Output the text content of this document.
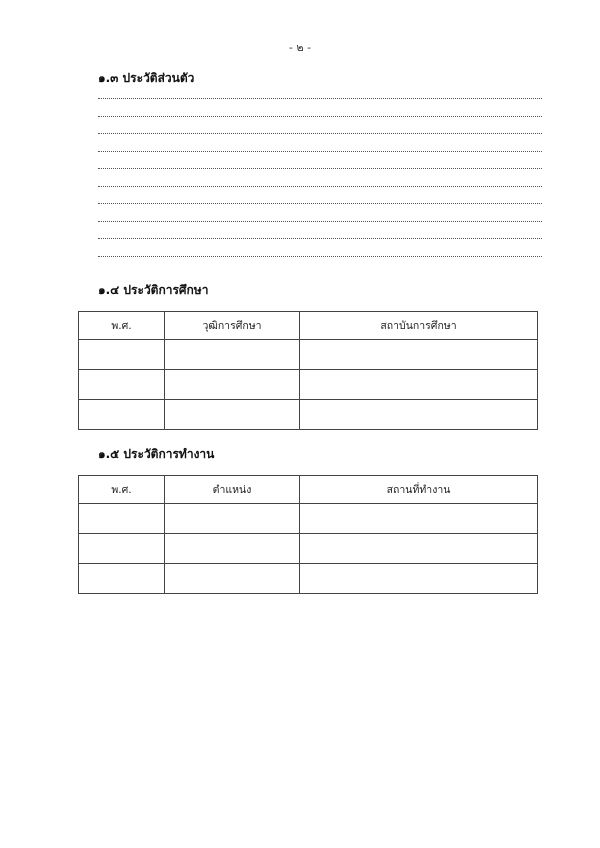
- ๒ -

๑.๓ ประวัติส่วนตัว

๑.๔ ประวัติการศึกษา

พ.ศ.	วุฒิการศึกษา	สถาบันการศึกษา

๑.๕ ประวัติการทำงาน

พ.ศ.	ตำแหน่ง	สถานที่ทำงาน
